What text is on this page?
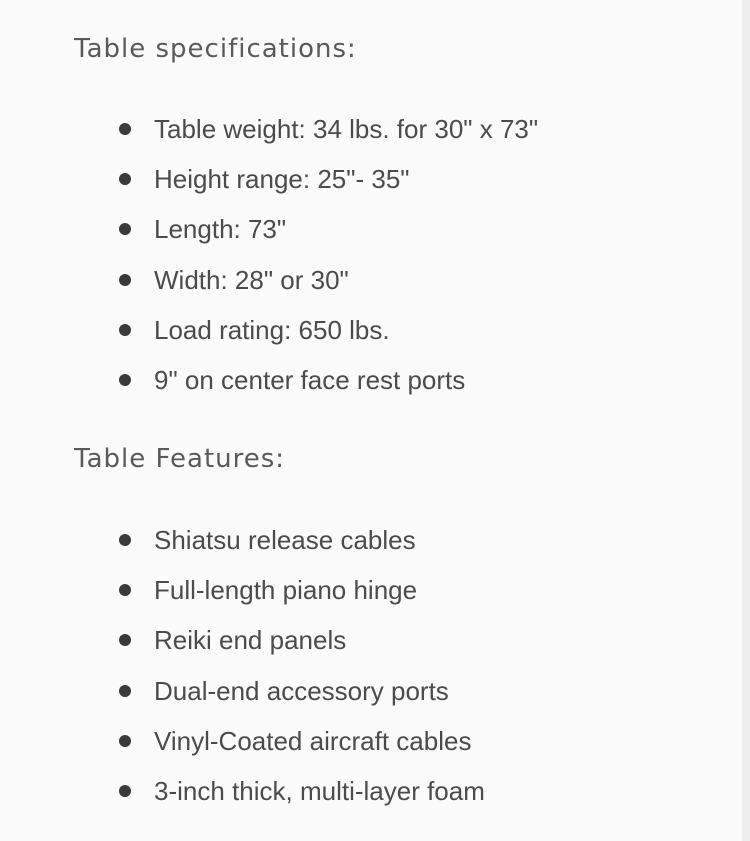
Table specifications:
Table weight: 34 lbs. for 30" x 73"
Height range: 25"- 35"
Length: 73"
Width: 28" or 30"
Load rating: 650 lbs.
9" on center face rest ports
Table Features:
Shiatsu release cables
Full-length piano hinge
Reiki end panels
Dual-end accessory ports
Vinyl-Coated aircraft cables
3-inch thick, multi-layer foam
